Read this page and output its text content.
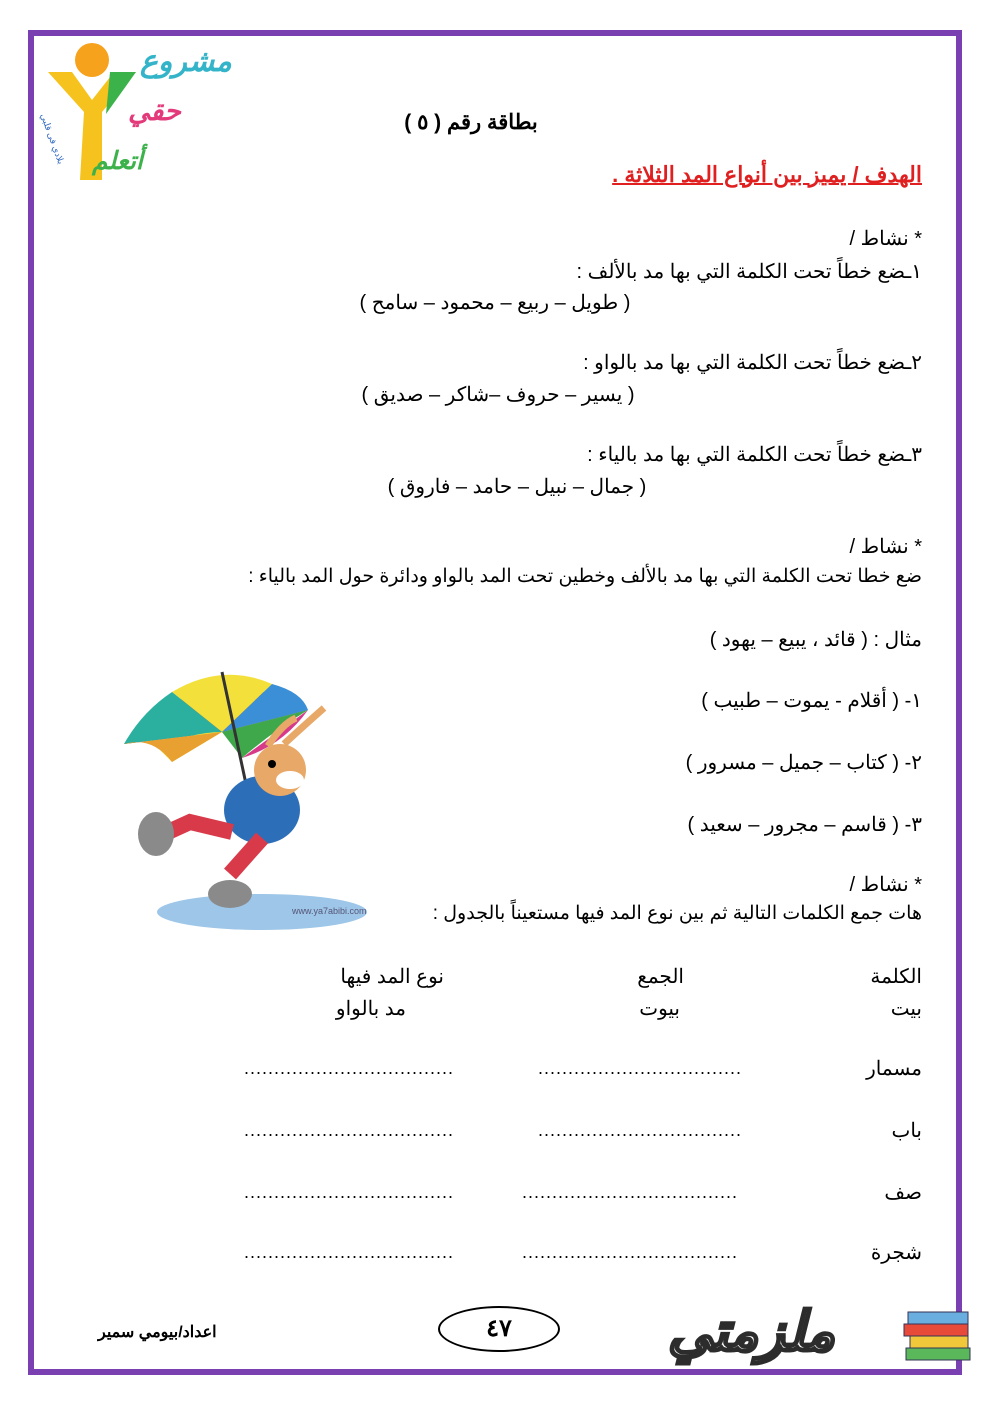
مشروع
حقي
أتعلم
بلادي فى قلبي	بطاقة رقم ( ٥ )
الهدف / يميز بين أنواع المد الثلاثة .
* نشاط /
١ـضع خطاً تحت الكلمة التي بها مد بالألف :
( طويل – ربيع – محمود – سامح )
٢ـضع خطاً تحت الكلمة التي بها مد بالواو :
( يسير – حروف –شاكر – صديق )
٣ـضع خطاً تحت الكلمة التي بها مد بالياء :
( جمال – نبيل – حامد – فاروق )
* نشاط /
ضع خطا تحت الكلمة التي بها مد بالألف وخطين تحت المد بالواو ودائرة حول المد بالياء :
مثال : ( قائد ، يبيع – يهود )
١- ( أقلام - يموت – طبيب )
٢- ( كتاب – جميل – مسرور )
٣- ( قاسم – مجرور – سعيد )
www.ya7abibi.com
* نشاط /
هات جمع الكلمات التالية ثم بين نوع المد فيها مستعيناً بالجدول :
الكلمة
الجمع
نوع المد فيها
بيت
بيوت
مد بالواو
مسمار
..................................
...................................
باب
..................................
...................................
صف
....................................
...................................
شجرة
....................................
...................................
٤٧
اعداد/بيومي سمير	ملزمتي
